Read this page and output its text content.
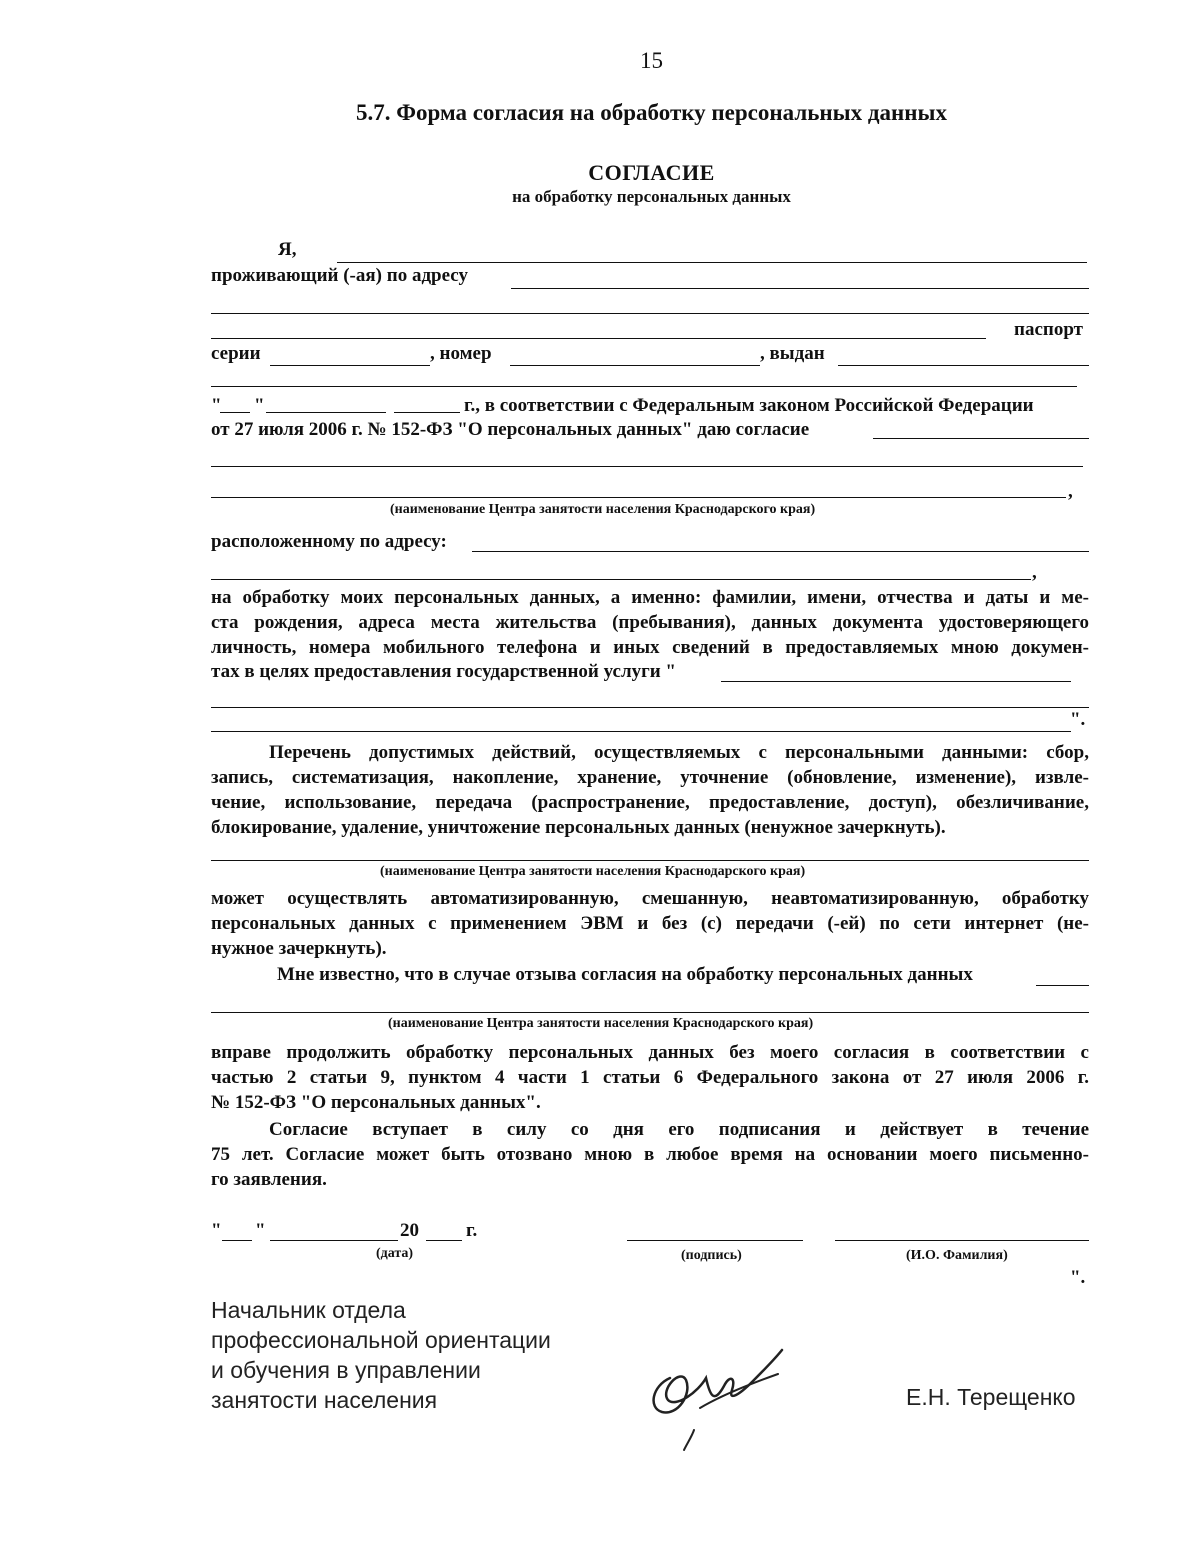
15
5.7. Форма согласия на обработку персональных данных
СОГЛАСИЕ
на обработку персональных данных
Я,
проживающий (-ая) по адресу
паспорт
серии	, номер	, выдан
" "	г., в соответствии с Федеральным законом Российской Федерации
от 27 июля 2006 г. № 152-ФЗ "О персональных данных" даю согласие
,
(наименование Центра занятости населения Краснодарского края)
расположенному по адресу:
,
на обработку моих персональных данных, а именно: фамилии, имени, отчества и даты и ме-
ста рождения, адреса места жительства (пребывания), данных документа удостоверяющего
личность, номера мобильного телефона и иных сведений в предоставляемых мною докумен-
тах в целях предоставления государственной услуги "
".
Перечень допустимых действий, осуществляемых с персональными данными: сбор,
запись, систематизация, накопление, хранение, уточнение (обновление, изменение), извле-
чение, использование, передача (распространение, предоставление, доступ), обезличивание,
блокирование, удаление, уничтожение персональных данных (ненужное зачеркнуть).
(наименование Центра занятости населения Краснодарского края)
может осуществлять автоматизированную, смешанную, неавтоматизированную, обработку
персональных данных с применением ЭВМ и без (с) передачи (-ей) по сети интернет (не-
нужное зачеркнуть).
Мне известно, что в случае отзыва согласия на обработку персональных данных
(наименование Центра занятости населения Краснодарского края)
вправе продолжить обработку персональных данных без моего согласия в соответствии с
частью 2 статьи 9, пунктом 4 части 1 статьи 6 Федерального закона от 27 июля 2006 г.
№ 152-ФЗ "О персональных данных".
Согласие вступает в силу со дня его подписания и действует в течение
75 лет. Согласие может быть отозвано мною в любое время на основании моего письменно-
го заявления.
" "	20 г.
(дата)	(подпись)	(И.О. Фамилия)
".
Начальник отдела
профессиональной ориентации
и обучения в управлении
занятости населения	Е.Н. Терещенко
